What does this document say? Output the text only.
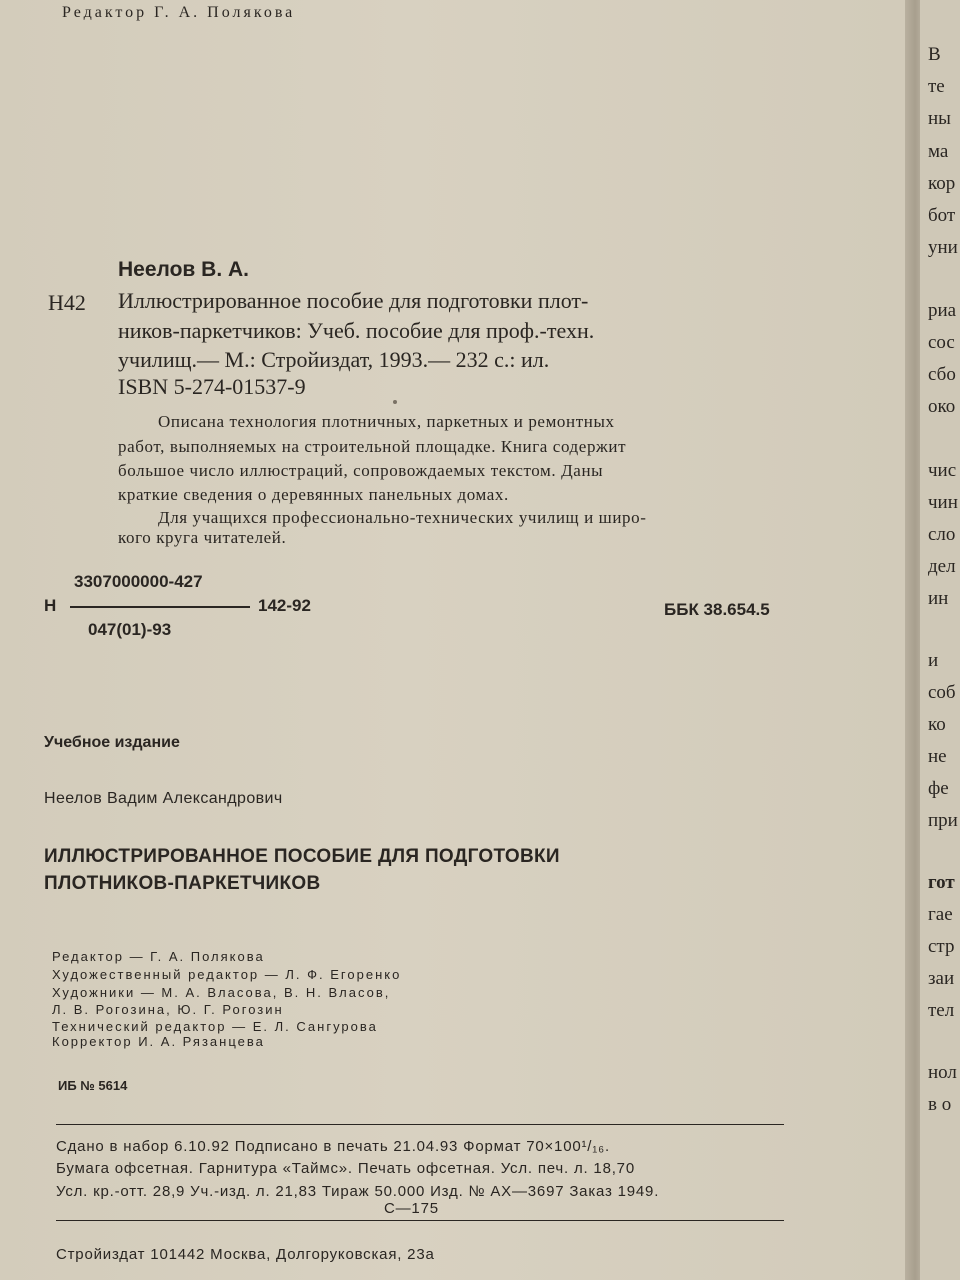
Редактор Г. А. Полякова
Неелов В. А.
Н42 Иллюстрированное пособие для подготовки плот-
ников-паркетчиков: Учеб. пособие для проф.-техн.
училищ.— М.: Стройиздат, 1993.— 232 с.: ил.
ISBN 5-274-01537-9
Описана технология плотничных, паркетных и ремонтных
работ, выполняемых на строительной площадке. Книга содержит
большое число иллюстраций, сопровождаемых текстом. Даны
краткие сведения о деревянных панельных домах.
Для учащихся профессионально-технических училищ и широ-
кого круга читателей.
3307000000-427
Н	142-92
047(01)-93
ББК 38.654.5
Учебное издание
Неелов Вадим Александрович
ИЛЛЮСТРИРОВАННОЕ ПОСОБИЕ ДЛЯ ПОДГОТОВКИ
ПЛОТНИКОВ-ПАРКЕТЧИКОВ
Редактор — Г. А. Полякова
Художественный редактор — Л. Ф. Егоренко
Художники — М. А. Власова, В. Н. Власов,
Л. В. Рогозина, Ю. Г. Рогозин
Технический редактор — Е. Л. Сангурова
Корректор И. А. Рязанцева
ИБ № 5614
Сдано в набор 6.10.92 Подписано в печать 21.04.93 Формат 70×100¹/₁₆.
Бумага офсетная. Гарнитура «Таймс». Печать офсетная. Усл. печ. л. 18,70
Усл. кр.-отт. 28,9 Уч.-изд. л. 21,83 Тираж 50.000 Изд. № АХ—3697 Заказ 1949.
С—175
Стройиздат 101442 Москва, Долгоруковская, 23а
В
те
ны
ма
кор
бот
уни
риа
сос
сбо
око
чис
чин
сло
дел
ин
и
соб
ко
не
фе
при
гот
гае
стр
заи
тел
нол
в о
